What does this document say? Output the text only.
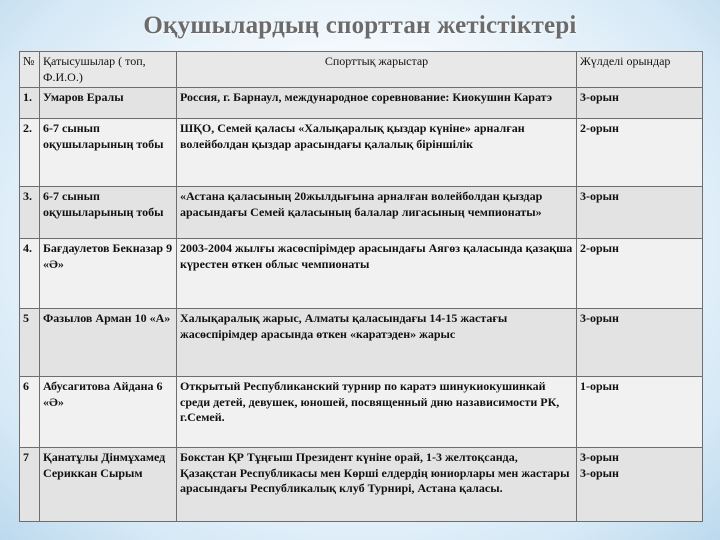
Оқушылардың спорттан жетістіктері
№	Қатысушылар ( топ, Ф.И.О.)	Спорттық жарыстар	Жүлделі орындар
1.	Умаров Ералы	Россия, г. Барнаул, международное соревнование: Киокушин Каратэ	3-орын

2.	6-7 сынып оқушыларының тобы	ШҚО, Семей қаласы «Халықаралық қыздар күніне» арналған волейболдан қыздар арасындағы қалалық біріншілік	2-орын

3.	6-7 сынып оқушыларының тобы	«Астана қаласының 20жылдығына арналған волейболдан қыздар арасындағы Семей қаласының балалар лигасының чемпионаты»	3-орын

4.	Бағдаулетов Бекназар 9 «Ә»	2003-2004 жылғы жасөспірімдер арасындағы Аягөз қаласында қазақша күрестен өткен облыс чемпионаты	2-орын

5	Фазылов Арман 10 «А»	Халықаралық жарыс, Алматы қаласындағы 14-15 жастағы жасөспірімдер арасында өткен «каратэден» жарыс	3-орын

6	Абусагитова Айдана 6 «Ә»	Открытый Республиканский турнир по каратэ шинукиокушинкай среди детей, девушек, юношей, посвященный дню назависимости РК, г.Семей.	1-орын

7	Қанатұлы Дінмұхамед Сериккан Сырым	Бокстан ҚР Тұңғыш Президент күніне орай, 1-3 желтоқсанда, Қазақстан Республикасы мен Көрші елдердің юниорлары мен жастары арасындағы Республикалық клуб Турнирі, Астана қаласы.	3-орын
3-орын
